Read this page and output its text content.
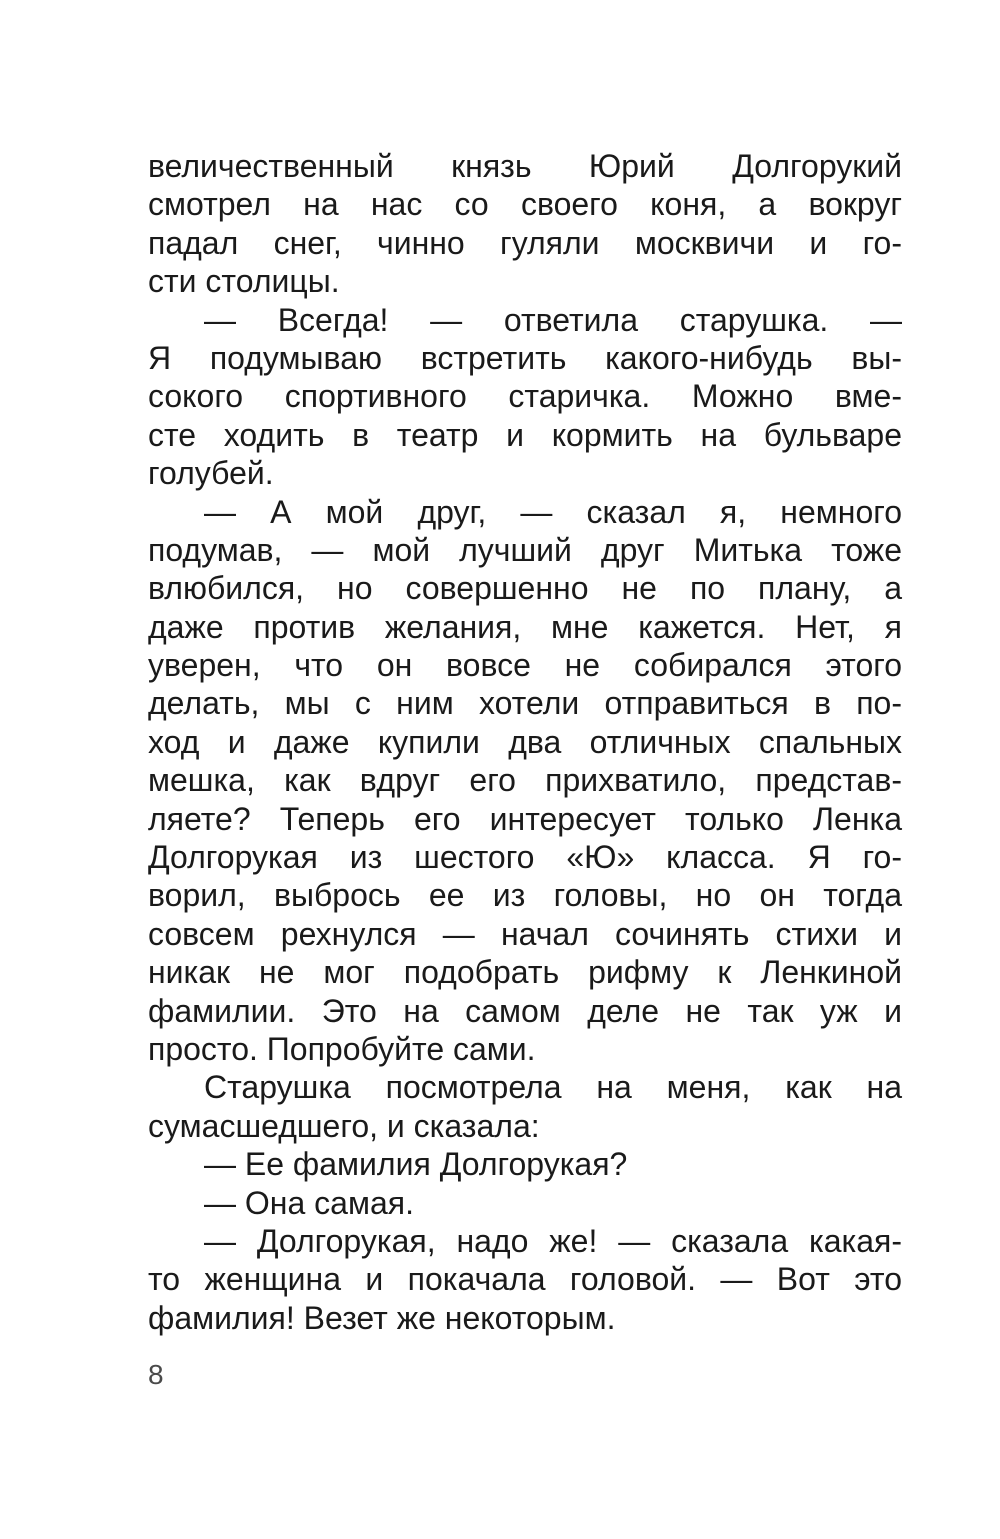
величественный князь Юрий Долгорукий
смотрел на нас со своего коня, а вокруг
падал снег, чинно гуляли москвичи и го-
сти столицы.
— Всегда! — ответила старушка. —
Я подумываю встретить какого-нибудь вы-
сокого спортивного старичка. Можно вме-
сте ходить в театр и кормить на бульваре
голубей.
— А мой друг, — сказал я, немного
подумав, — мой лучший друг Митька тоже
влюбился, но совершенно не по плану, а
даже против желания, мне кажется. Нет, я
уверен, что он вовсе не собирался этого
делать, мы с ним хотели отправиться в по-
ход и даже купили два отличных спальных
мешка, как вдруг его прихватило, представ-
ляете? Теперь его интересует только Ленка
Долгорукая из шестого «Ю» класса. Я го-
ворил, выбрось ее из головы, но он тогда
совсем рехнулся — начал сочинять стихи и
никак не мог подобрать рифму к Ленкиной
фамилии. Это на самом деле не так уж и
просто. Попробуйте сами.
Старушка посмотрела на меня, как на
сумасшедшего, и сказала:
— Ее фамилия Долгорукая?
— Она самая.
— Долгорукая, надо же! — сказала какая-
то женщина и покачала головой. — Вот это
фамилия! Везет же некоторым.
8
